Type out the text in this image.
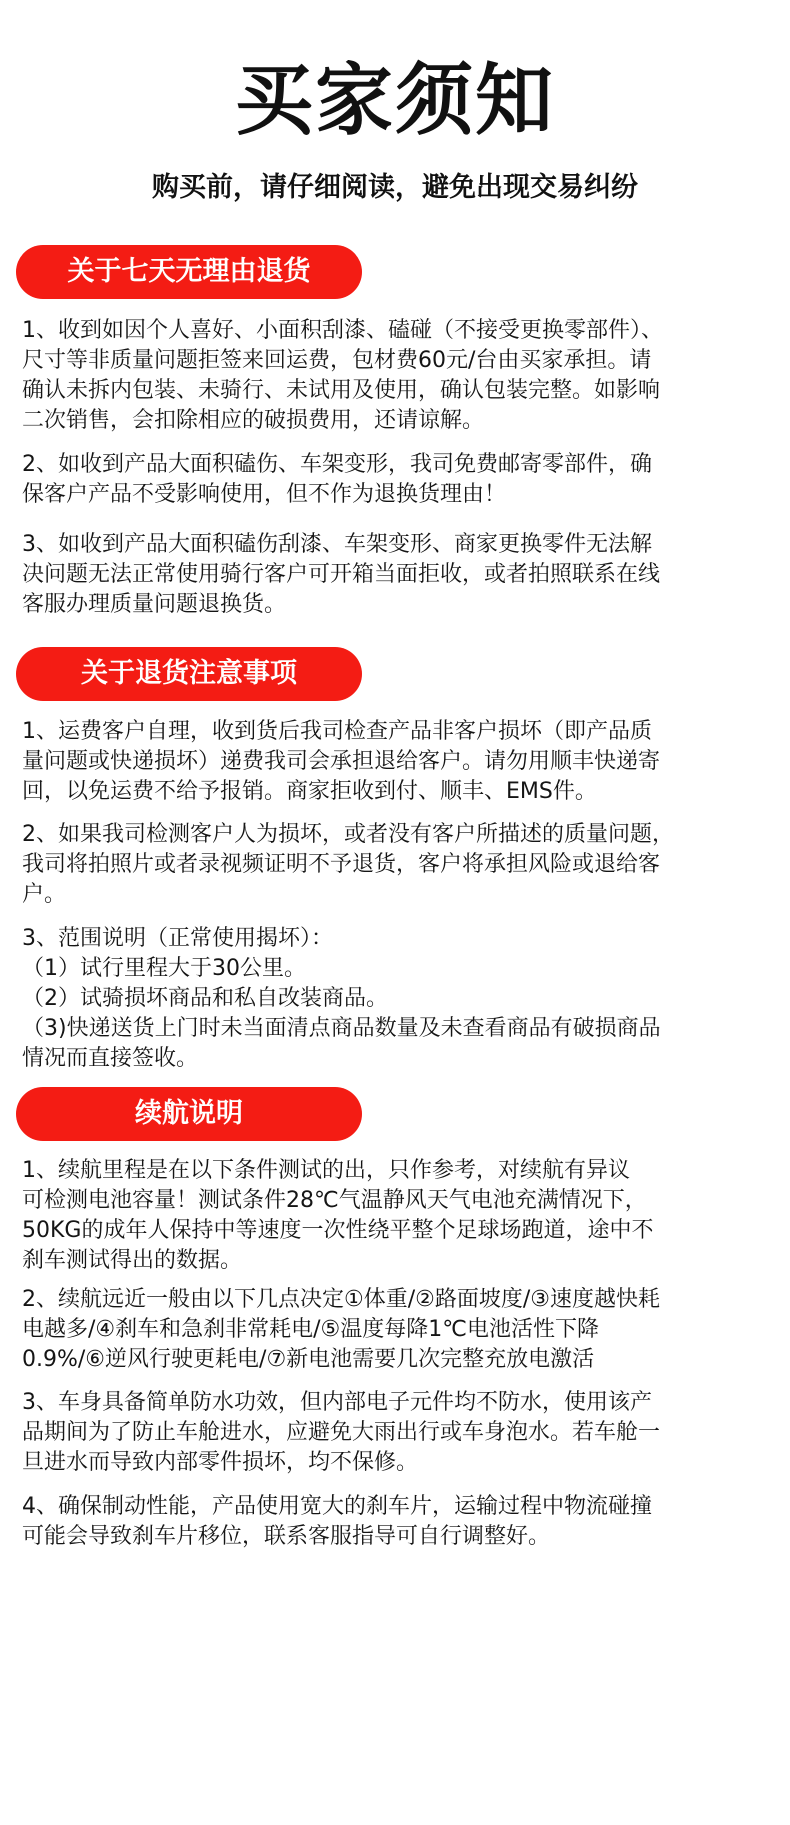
买家须知
购买前，请仔细阅读，避免出现交易纠纷
关于七天无理由退货
1、收到如因个人喜好、小面积刮漆、磕碰（不接受更换零部件）、
尺寸等非质量问题拒签来回运费，包材费60元/台由买家承担。请
确认未拆内包装、未骑行、未试用及使用，确认包装完整。如影响
二次销售，会扣除相应的破损费用，还请谅解。
2、如收到产品大面积磕伤、车架变形，我司免费邮寄零部件，确
保客户产品不受影响使用，但不作为退换货理由！
3、如收到产品大面积磕伤刮漆、车架变形、商家更换零件无法解
决问题无法正常使用骑行客户可开箱当面拒收，或者拍照联系在线
客服办理质量问题退换货。
关于退货注意事项
1、运费客户自理，收到货后我司检查产品非客户损坏（即产品质
量问题或快递损坏）递费我司会承担退给客户。请勿用顺丰快递寄
回，以免运费不给予报销。商家拒收到付、顺丰、EMS件。
2、如果我司检测客户人为损坏，或者没有客户所描述的质量问题，
我司将拍照片或者录视频证明不予退货，客户将承担风险或退给客
户。
3、范围说明（正常使用揭坏）：
（1）试行里程大于30公里。
（2）试骑损坏商品和私自改装商品。
（3)快递送货上门时未当面清点商品数量及未查看商品有破损商品
情况而直接签收。
续航说明
1、续航里程是在以下条件测试的出，只作参考，对续航有异议
可检测电池容量！测试条件28℃气温静风天气电池充满情况下，
50KG的成年人保持中等速度一次性绕平整个足球场跑道，途中不
刹车测试得出的数据。
2、续航远近一般由以下几点决定①体重/②路面坡度/③速度越快耗
电越多/④刹车和急刹非常耗电/⑤温度每降1℃电池活性下降
0.9%/⑥逆风行驶更耗电/⑦新电池需要几次完整充放电激活
3、车身具备简单防水功效，但内部电子元件均不防水，使用该产
品期间为了防止车舱进水，应避免大雨出行或车身泡水。若车舱一
旦进水而导致内部零件损坏，均不保修。
4、确保制动性能，产品使用宽大的刹车片，运输过程中物流碰撞
可能会导致刹车片移位，联系客服指导可自行调整好。
